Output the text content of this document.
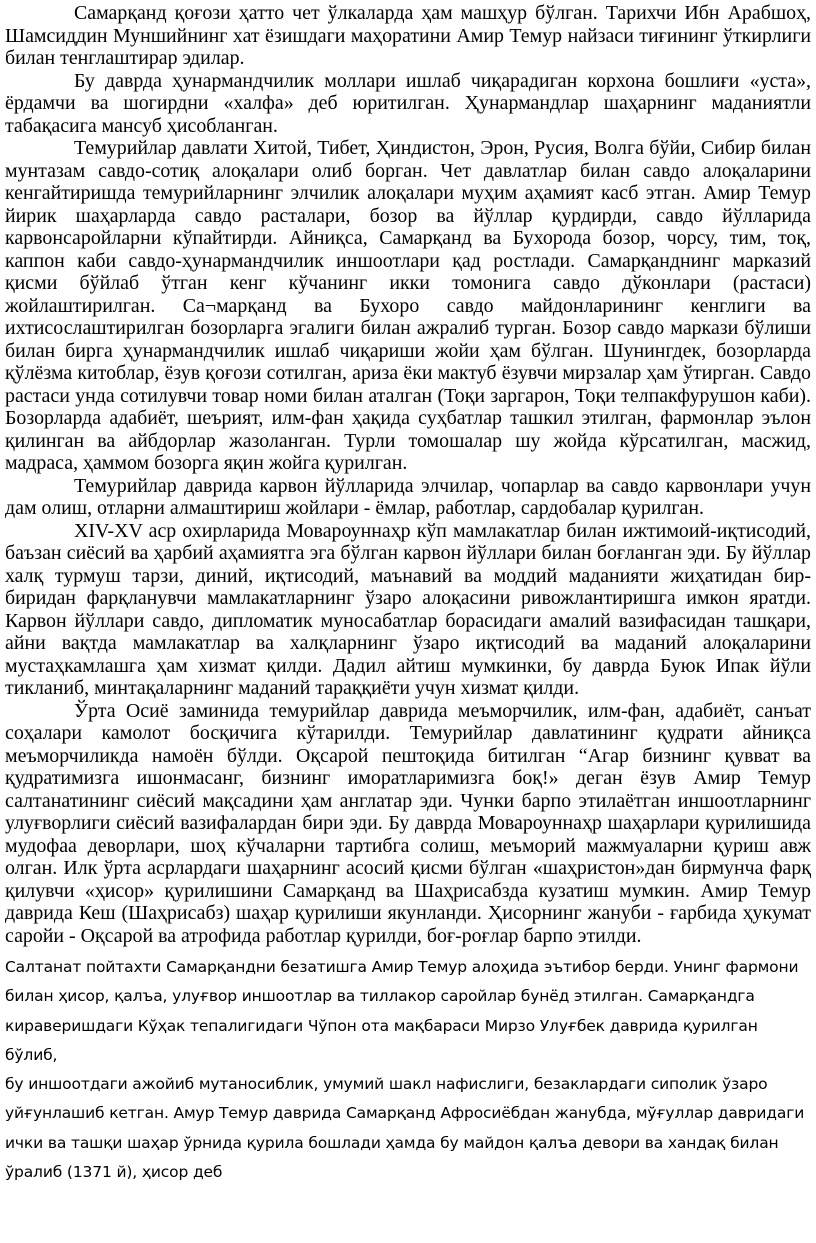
Самарқанд қоғози ҳатто чет ўлкаларда ҳам машҳур бўлган. Тарихчи Ибн Арабшоҳ, Шамсиддин Муншийнинг хат ёзишдаги маҳоратини Амир Темур найзаси тиғининг ўткирлиги билан тенглаштирар эдилар.

Бу даврда ҳунармандчилик моллари ишлаб чиқарадиган корхона бошлиғи «уста», ёрдамчи ва шогирдни «халфа» деб юритилган. Ҳунармандлар шаҳарнинг маданиятли табақасига мансуб ҳисобланган.

Темурийлар давлати Хитой, Тибет, Ҳиндистон, Эрон, Русия, Волга бўйи, Сибир билан мунтазам савдо-сотиқ алоқалари олиб борган. Чет давлатлар билан савдо алоқаларини кенгайтиришда темурийларнинг элчилик алоқалари муҳим аҳамият касб этган. Амир Темур йирик шаҳарларда савдо расталари, бозор ва йўллар қурдирди, савдо йўлларида карвонсаройларни кўпайтирди. Айниқса, Самарқанд ва Бухорода бозор, чорсу, тим, тоқ, каппон каби савдо-ҳунармандчилик иншоотлари қад ростлади. Самарқанднинг марказий қисми бўйлаб ўтган кенг кўчанинг икки томонига савдо дўконлари (растаси) жойлаштирилган. Са¬марқанд ва Бухоро савдо майдонларининг кенглиги ва ихтисослаштирилган бозорларга эгалиги билан ажралиб турган. Бозор савдо маркази бўлиши билан бирга ҳунармандчилик ишлаб чиқариши жойи ҳам бўлган. Шунингдек, бозорларда қўлёзма китоблар, ёзув қоғози сотилган, ариза ёки мактуб ёзувчи мирзалар ҳам ўтирган. Савдо растаси унда сотилувчи товар номи билан аталган (Тоқи заргарон, Тоқи телпакфурушон каби). Бозорларда адабиёт, шеърият, илм-фан ҳақида суҳбатлар ташкил этилган, фармонлар эълон қилинган ва айбдорлар жазоланган. Турли томошалар шу жойда кўрсатилган, масжид, мадраса, ҳаммом бозорга яқин жойга қурилган.

Темурийлар даврида карвон йўлларида элчилар, чопарлар ва савдо карвонлари учун дам олиш, отларни алмаштириш жойлари - ёмлар, работлар, сардобалар қурилган.

XIV-XV аср охирларида Мовароуннаҳр кўп мамлакатлар билан ижтимоий-иқтисодий, баъзан сиёсий ва ҳарбий аҳамиятга эга бўлган карвон йўллари билан боғланган эди. Бу йўллар халқ турмуш тарзи, диний, иқтисодий, маънавий ва моддий маданияти жиҳатидан бир-биридан фарқланувчи мамлакатларнинг ўзаро алоқасини ривожлантиришга имкон яратди. Карвон йўллари савдо, дипломатик муносабатлар борасидаги амалий вазифасидан ташқари, айни вақтда мамлакатлар ва халқларнинг ўзаро иқтисодий ва маданий алоқаларини мустаҳкамлашга ҳам хизмат қилди. Дадил айтиш мумкинки, бу даврда Буюк Ипак йўли тикланиб, минтақаларнинг маданий тараққиёти учун хизмат қилди.

Ўрта Осиё заминида темурийлар даврида меъморчилик, илм-фан, адабиёт, санъат соҳалари камолот босқичига кўтарилди. Темурийлар давлатининг қудрати айниқса меъморчиликда намоён бўлди. Оқсарой пештоқида битилган “Агар бизнинг қувват ва қудратимизга ишонмасанг, бизнинг иморатларимизга боқ!» деган ёзув Амир Темур салтанатининг сиёсий мақсадини ҳам англатар эди. Чунки барпо этилаётган иншоотларнинг улуғворлиги сиёсий вазифалардан бири эди. Бу даврда Мовароуннаҳр шаҳарлари қурилишида мудофаа деворлари, шоҳ кўчаларни тартибга солиш, меъморий мажмуаларни қуриш авж олган. Илк ўрта асрлардаги шаҳарнинг асосий қисми бўлган «шаҳристон»дан бирмунча фарқ қилувчи «ҳисор» қурилишини Самарқанд ва Шаҳрисабзда кузатиш мумкин. Амир Темур даврида Кеш (Шаҳрисабз) шаҳар қурилиши якунланди. Ҳисорнинг жануби - ғарбида ҳукумат саройи - Оқсарой ва атрофида работлар қурилди, боғ-роғлар барпо этилди.

Салтанат пойтахти Самарқандни безатишга Амир Темур алоҳида эътибор берди. Унинг фармони

билан ҳисор, қалъа, улуғвор иншоотлар ва тиллакор саройлар бунёд этилган. Самарқандга

кираверишдаги Кўҳак тепалигидаги Чўпон ота мақбараси Мирзо Улуғбек даврида қурилган бўлиб,

бу иншоотдаги ажойиб мутаносиблик, умумий шакл нафислиги, безаклардаги сиполик ўзаро

уйғунлашиб кетган. Амур Темур даврида Самарқанд Афросиёбдан жанубда, мўғуллар давридаги

ички ва ташқи шаҳар ўрнида қурила бошлади ҳамда бу майдон қалъа девори ва хандақ билан

ўралиб (1371 й), ҳисор деб
